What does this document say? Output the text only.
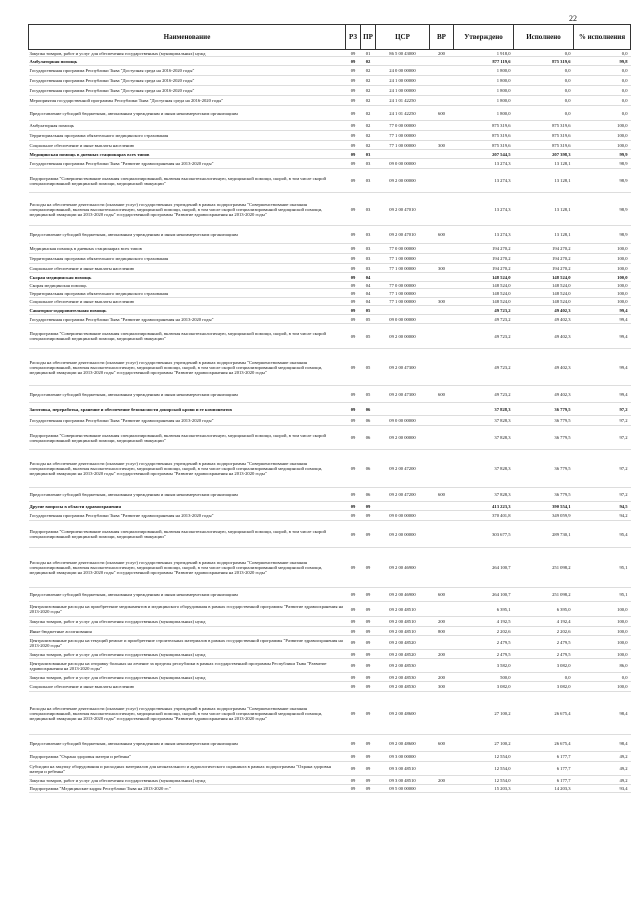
22
Наименование	РЗ	ПР	ЦСР	ВР	Утверждено	Исполнено	% исполнения
Закупка товаров, работ и услуг для обеспечения государственных (муниципальных) нужд	09	01	86 5 00 43000	200	1 918,0	0,0	0,0
Амбулаторная помощь	09	02			877 119,6	875 319,6	99,8
Государственная программа Республики Тыва "Доступная среда на 2016-2020 годы"	09	02	24 0 00 00000		1 800,0	0,0	0,0
Государственная программа Республики Тыва "Доступная среда на 2016-2020 годы"	09	02	24 1 00 00000		1 800,0	0,0	0,0
Государственная программа Республики Тыва "Доступная среда на 2016-2020 годы"	09	02	24 1 00 00000		1 800,0	0,0	0,0
Мероприятия государственной программы Республики Тыва "Доступная среда на 2016-2020 годы"	09	02	24 1 01 42250		1 800,0	0,0	0,0
Предоставление субсидий бюджетным, автономным учреждениям и иным некоммерческим организациям	09	02	24 1 01 42250	600	1 800,0	0,0	0,0
Амбулаторная помощь	09	02	77 0 00 00000		875 319,6	875 319,6	100,0
Территориальная программа обязательного медицинского страхования	09	02	77 1 00 00000		875 319,6	875 319,6	100,0
Социальное обеспечение и иные выплаты населению	09	02	77 1 00 00000	300	875 319,6	875 319,6	100,0
Медицинская помощь в дневных стационарах всех типов	09	03			207 544,5	207 398,3	99,9
Государственная программа Республики Тыва "Развитие здравоохранения на 2013-2020 годы"	09	03	09 0 00 00000		13 274,3	13 128,1	98,9
Подпрограмма "Совершенствование оказания специализированной, включая высокотехнологичную, медицинской помощи, скорой, в том числе скорой специализированной медицинской помощи, медицинской эвакуации"	09	03	09 2 00 00000		13 274,3	13 128,1	98,9
Расходы на обеспечение деятельности (оказание услуг) государственных учреждений в рамках подпрограммы "Совершенствование оказания специализированной, включая высокотехнологичную, медицинской помощи, скорой, в том числе скорой специализированной медицинской помощи, медицинской эвакуации на 2013-2020 годы" государственной программы "Развитие здравоохранения на 2013-2020 годы"	09	03	09 2 00 47010		13 274,3	13 128,1	98,9
Предоставление субсидий бюджетным, автономным учреждениям и иным некоммерческим организациям	09	03	09 2 00 47010	600	13 274,3	13 128,1	98,9
Медицинская помощь в дневных стационарах всех типов	09	03	77 0 00 00000		194 270,2	194 270,2	100,0
Территориальная программа обязательного медицинского страхования	09	03	77 1 00 00000		194 270,2	194 270,2	100,0
Социальное обеспечение и иные выплаты населению	09	03	77 1 00 00000	300	194 270,2	194 270,2	100,0
Скорая медицинская помощь	09	04			148 524,0	148 524,0	100,0
Скорая медицинская помощь	09	04	77 0 00 00000		148 524,0	148 524,0	100,0
Территориальная программа обязательного медицинского страхования	09	04	77 1 00 00000		148 524,0	148 524,0	100,0
Социальное обеспечение и иные выплаты населению	09	04	77 1 00 00000	300	148 524,0	148 524,0	100,0
Санаторно-оздоровительная помощь	09	05			49 723,2	49 402,3	99,4
Государственная программа Республики Тыва "Развитие здравоохранения на 2013-2020 годы"	09	05	09 0 00 00000		49 723,2	49 402,3	99,4
Подпрограмма "Совершенствование оказания специализированной, включая высокотехнологичную, медицинской помощи, скорой, в том числе скорой специализированной медицинской помощи, медицинской эвакуации"	09	05	09 2 00 00000		49 723,2	49 402,3	99,4
Расходы на обеспечение деятельности (оказание услуг) государственных учреждений в рамках подпрограммы "Совершенствование оказания специализированной, включая высокотехнологичную, медицинской помощи, скорой, в том числе скорой специализированной медицинской помощи, медицинской эвакуации на 2013-2020 годы" государственной программы "Развитие здравоохранения на 2013-2020 годы"	09	05	09 2 00 47300		49 723,2	49 402,3	99,4
Предоставление субсидий бюджетным, автономным учреждениям и иным некоммерческим организациям	09	05	09 2 00 47300	600	49 723,2	49 402,3	99,4
Заготовка, переработка, хранение и обеспечение безопасности донорской крови и ее компонентов	09	06			37 828,3	36 779,5	97,2
Государственная программа Республики Тыва "Развитие здравоохранения на 2013-2020 годы"	09	06	09 0 00 00000		37 828,3	36 779,5	97,2
Подпрограмма "Совершенствование оказания специализированной, включая высокотехнологичную, медицинской помощи, скорой, в том числе скорой специализированной медицинской помощи, медицинской эвакуации"	09	06	09 2 00 00000		37 828,3	36 779,5	97,2
Расходы на обеспечение деятельности (оказание услуг) государственных учреждений в рамках подпрограммы "Совершенствование оказания специализированной, включая высокотехнологичную, медицинской помощи, скорой, в том числе скорой специализированной медицинской помощи, медицинской эвакуации на 2013-2020 годы" государственной программы "Развитие здравоохранения на 2013-2020 годы"	09	06	09 2 00 47200		37 828,3	36 779,5	97,2
Предоставление субсидий бюджетным, автономным учреждениям и иным некоммерческим организациям	09	06	09 2 00 47200	600	37 828,3	36 779,5	97,2
Другие вопросы в области здравоохранения	09	09			413 223,3	390 554,1	94,5
Государственная программа Республики Тыва "Развитие здравоохранения на 2013-2020 годы"	09	09	09 0 00 00000		370 401,8	349 059,9	94,2
Подпрограмма "Совершенствование оказания специализированной, включая высокотехнологичную, медицинской помощи, скорой, в том числе скорой специализированной медицинской помощи, медицинской эвакуации"	09	09	09 2 00 00000		303 677,5	289 730,1	95,4
Расходы на обеспечение деятельности (оказание услуг) государственных учреждений в рамках подпрограммы "Совершенствование оказания специализированной, включая высокотехнологичную, медицинской помощи, скорой, в том числе скорой специализированной медицинской помощи, медицинской эвакуации на 2013-2020 годы" государственной программы "Развитие здравоохранения на 2013-2020 годы"	09	09	09 2 00 46900		264 100,7	251 098,2	95,1
Предоставление субсидий бюджетным, автономным учреждениям и иным некоммерческим организациям	09	09	09 2 00 46900	600	264 100,7	251 098,2	95,1
Централизованные расходы на приобретение медикаментов и медицинского оборудования в рамках государственной программы "Развитие здравоохранения на 2013-2020 годы"	09	09	09 2 00 48510		6 395,1	6 395,0	100,0
Закупка товаров, работ и услуг для обеспечения государственных (муниципальных) нужд	09	09	09 2 00 48510	200	4 192,5	4 192,4	100,0
Иные бюджетные ассигнования	09	09	09 2 00 48510	800	2 202,6	2 202,6	100,0
Централизованные расходы на текущий ремонт и приобретение строительных материалов в рамках государственной программы "Развитие здравоохранения на 2013-2020 годы"	09	09	09 2 00 48520		2 479,5	2 479,5	100,0
Закупка товаров, работ и услуг для обеспечения государственных (муниципальных) нужд	09	09	09 2 00 48520	200	2 479,5	2 479,5	100,0
Централизованные расходы на отправку больных на лечение за пределы республики в рамках государственной программы Республики Тыва "Развитие здравоохранения на 2013-2020 годы"	09	09	09 2 00 48530		3 582,0	3 082,0	86,0
Закупка товаров, работ и услуг для обеспечения государственных (муниципальных) нужд	09	09	09 2 00 48530	200	500,0	0,0	0,0
Социальное обеспечение и иные выплаты населению	09	09	09 2 00 48530	300	3 082,0	3 082,0	100,0
Расходы на обеспечение деятельности (оказание услуг) государственных учреждений в рамках подпрограммы "Совершенствование оказания специализированной, включая высокотехнологичную, медицинской помощи, скорой, в том числе скорой специализированной медицинской помощи, медицинской эвакуации на 2013-2020 годы" государственной программы "Развитие здравоохранения на 2013-2020 годы"	09	09	09 2 00 48600		27 100,2	26 675,4	98,4
Предоставление субсидий бюджетным, автономным учреждениям и иным некоммерческим организациям	09	09	09 2 00 48600	600	27 100,2	26 675,4	98,4
Подпрограмма "Охрана здоровья матери и ребенка"	09	09	09 3 00 00000		12 554,0	6 177,7	49,2
Субсидии на закупку оборудования и расходных материалов для неонатального и аудиологического скрининга в рамках подпрограммы "Охрана здоровья матери и ребенка"	09	09	09 3 00 48510		12 554,0	6 177,7	49,2
Закупка товаров, работ и услуг для обеспечения государственных (муниципальных) нужд	09	09	09 3 00 48510	200	12 554,0	6 177,7	49,2
Подпрограмма "Медицинские кадры Республики Тыва на 2013-2020 гг."	09	09	09 5 00 00000		15 203,3	14 203,3	93,4
